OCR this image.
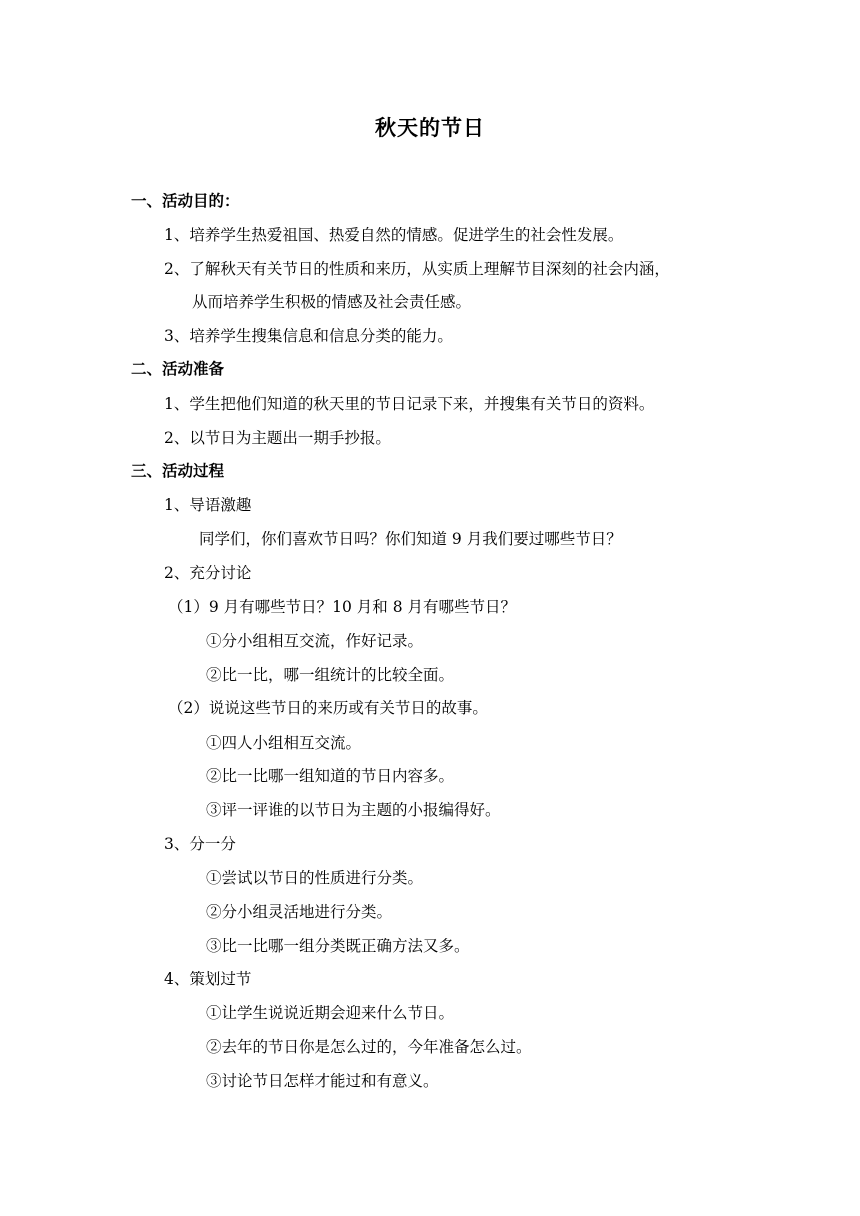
秋天的节日
一、活动目的：
1、培养学生热爱祖国、热爱自然的情感。促进学生的社会性发展。
2、了解秋天有关节日的性质和来历，从实质上理解节目深刻的社会内涵，
从而培养学生积极的情感及社会责任感。
3、培养学生搜集信息和信息分类的能力。
二、活动准备
1、学生把他们知道的秋天里的节日记录下来，并搜集有关节日的资料。
2、以节日为主题出一期手抄报。
三、活动过程
1、导语激趣
同学们，你们喜欢节日吗？你们知道 9 月我们要过哪些节日？
2、充分讨论
（1）9 月有哪些节日？10 月和 8 月有哪些节日？
①分小组相互交流，作好记录。
②比一比，哪一组统计的比较全面。
（2）说说这些节日的来历或有关节日的故事。
①四人小组相互交流。
②比一比哪一组知道的节日内容多。
③评一评谁的以节日为主题的小报编得好。
3、分一分
①尝试以节日的性质进行分类。
②分小组灵活地进行分类。
③比一比哪一组分类既正确方法又多。
4、策划过节
①让学生说说近期会迎来什么节日。
②去年的节日你是怎么过的，今年准备怎么过。
③讨论节日怎样才能过和有意义。
